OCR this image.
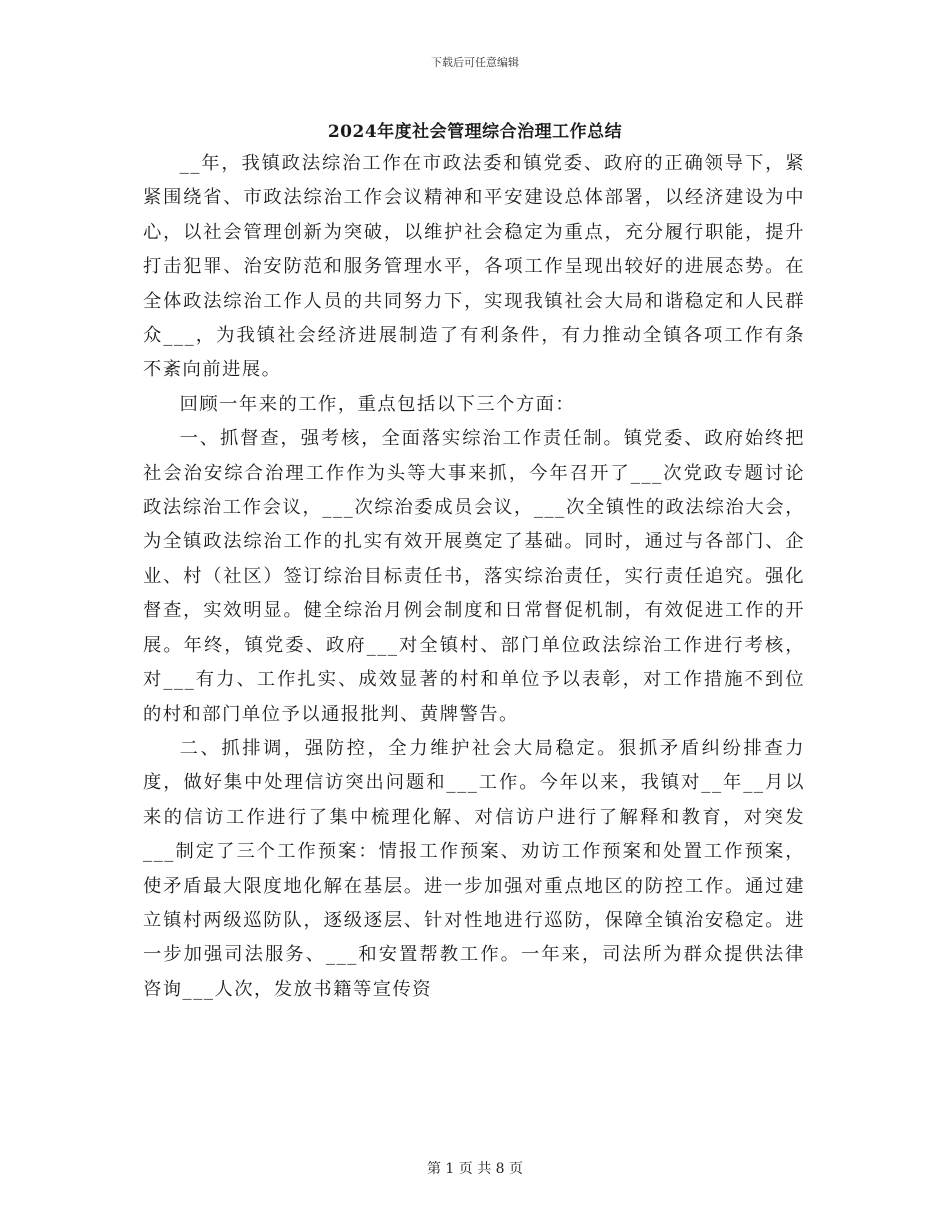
下载后可任意编辑
2024年度社会管理综合治理工作总结

__年，我镇政法综治工作在市政法委和镇党委、政府的正确领导下，紧紧围绕省、市政法综治工作会议精神和平安建设总体部署，以经济建设为中心，以社会管理创新为突破，以维护社会稳定为重点，充分履行职能，提升打击犯罪、治安防范和服务管理水平，各项工作呈现出较好的进展态势。在全体政法综治工作人员的共同努力下，实现我镇社会大局和谐稳定和人民群众___，为我镇社会经济进展制造了有利条件，有力推动全镇各项工作有条不紊向前进展。

回顾一年来的工作，重点包括以下三个方面：

一、抓督查，强考核，全面落实综治工作责任制。镇党委、政府始终把社会治安综合治理工作作为头等大事来抓，今年召开了___次党政专题讨论政法综治工作会议，___次综治委成员会议，___次全镇性的政法综治大会，为全镇政法综治工作的扎实有效开展奠定了基础。同时，通过与各部门、企业、村（社区）签订综治目标责任书，落实综治责任，实行责任追究。强化督查，实效明显。健全综治月例会制度和日常督促机制，有效促进工作的开展。年终，镇党委、政府___对全镇村、部门单位政法综治工作进行考核，对___有力、工作扎实、成效显著的村和单位予以表彰，对工作措施不到位的村和部门单位予以通报批判、黄牌警告。

二、抓排调，强防控，全力维护社会大局稳定。狠抓矛盾纠纷排查力度，做好集中处理信访突出问题和___工作。今年以来，我镇对__年__月以来的信访工作进行了集中梳理化解、对信访户进行了解释和教育，对突发___制定了三个工作预案：情报工作预案、劝访工作预案和处置工作预案，使矛盾最大限度地化解在基层。进一步加强对重点地区的防控工作。通过建立镇村两级巡防队，逐级逐层、针对性地进行巡防，保障全镇治安稳定。进一步加强司法服务、___和安置帮教工作。一年来，司法所为群众提供法律咨询___人次，发放书籍等宣传资

第 1 页 共 8 页
